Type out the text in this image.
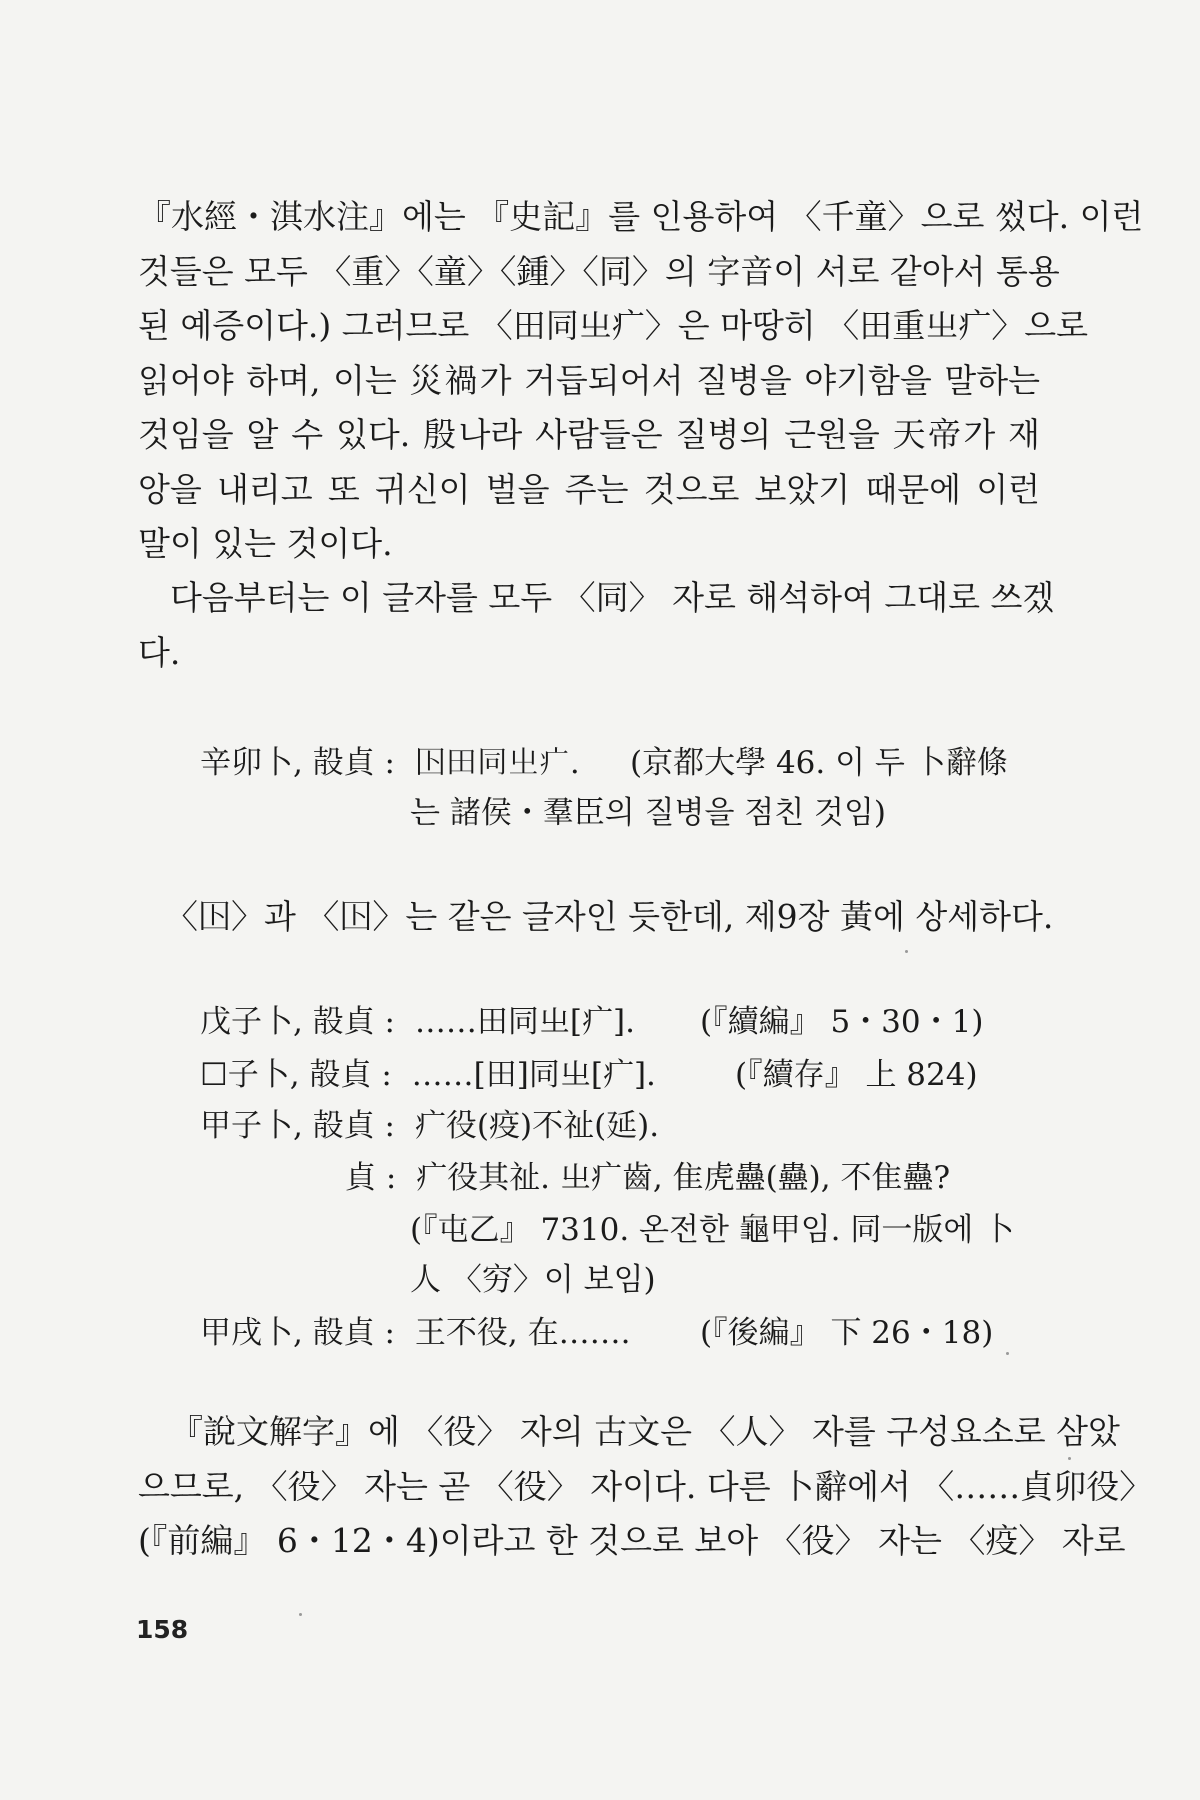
『水經・淇水注』에는 『史記』를 인용하여 〈千童〉으로 썼다. 이런
것들은 모두 〈重〉〈童〉〈鍾〉〈同〉의 字音이 서로 같아서 통용
된 예증이다.) 그러므로 〈田同㞢疒〉은 마땅히 〈田重㞢疒〉으로
읽어야 하며, 이는 災禍가 거듭되어서 질병을 야기함을 말하는
것임을 알 수 있다. 殷나라 사람들은 질병의 근원을 天帝가 재
앙을 내리고 또 귀신이 벌을 주는 것으로 보았기 때문에 이런
말이 있는 것이다.
다음부터는 이 글자를 모두 〈同〉 자로 해석하여 그대로 쓰겠
다.
辛卯卜, 㱿貞 : 𡆥田同㞢疒. (京都大學 46. 이 두 卜辭條
는 諸侯・羣臣의 질병을 점친 것임)
〈𡆥〉과 〈𡆥〉는 같은 글자인 듯한데, 제9장 黃에 상세하다.
戊子卜, 㱿貞 : ……田同㞢[疒]. (『續編』 5・30・1)
☐子卜, 㱿貞 : ……[田]同㞢[疒].	(『續存』 上 824)
甲子卜, 㱿貞 : 疒役(疫)不祉(延).
貞 : 疒役其祉. 㞢疒齒, 隹虎蠱(蠱), 不隹蠱?
(『屯乙』 7310. 온전한 龜甲임. 同一版에 卜
人 〈穷〉이 보임)
甲戌卜, 㱿貞 : 王不役, 在……. (『後編』 下 26・18)
『說文解字』에 〈役〉 자의 古文은 〈人〉 자를 구성요소로 삼았
으므로, 〈役〉 자는 곧 〈役〉 자이다. 다른 卜辭에서 〈……貞卯役〉
(『前編』 6・12・4)이라고 한 것으로 보아 〈役〉 자는 〈疫〉 자로
158
